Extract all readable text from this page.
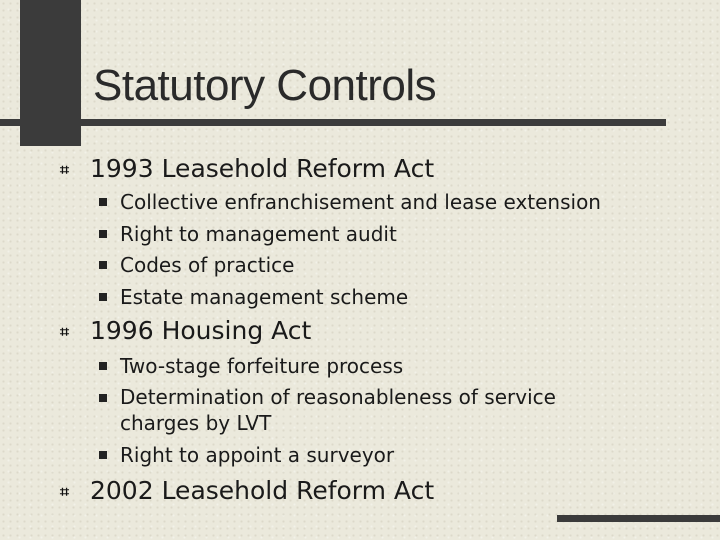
Statutory Controls
⌗ 1993 Leasehold Reform Act

Collective enfranchisement and lease extension

Right to management audit

Codes of practice

Estate management scheme

⌗ 1996 Housing Act

Two-stage forfeiture process

Determination of reasonableness of service

charges by LVT

Right to appoint a surveyor

⌗ 2002 Leasehold Reform Act
